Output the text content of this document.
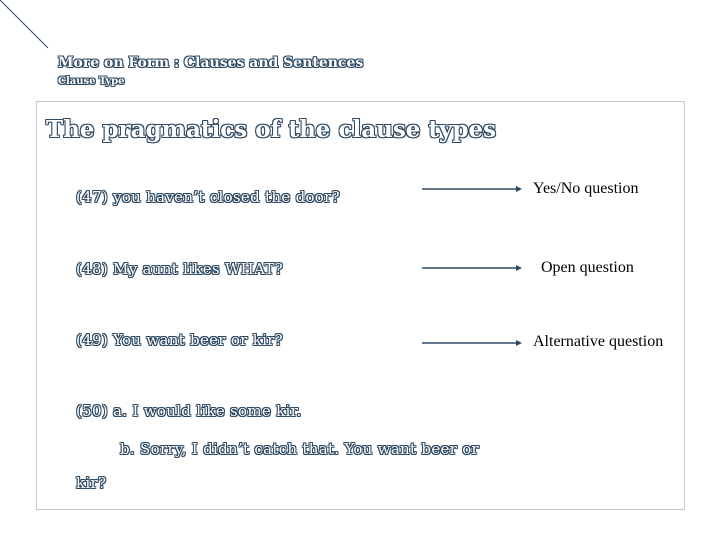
More on Form : Clauses and Sentences
Clause Type
The pragmatics of the clause types
(47) you haven’t closed the door?	Yes/No question
(48) My aunt likes WHAT?	Open question
(49) You want beer or kir?	Alternative question
(50) a. I would like some kir.
b. Sorry, I didn’t catch that. You want beer or
kir?
